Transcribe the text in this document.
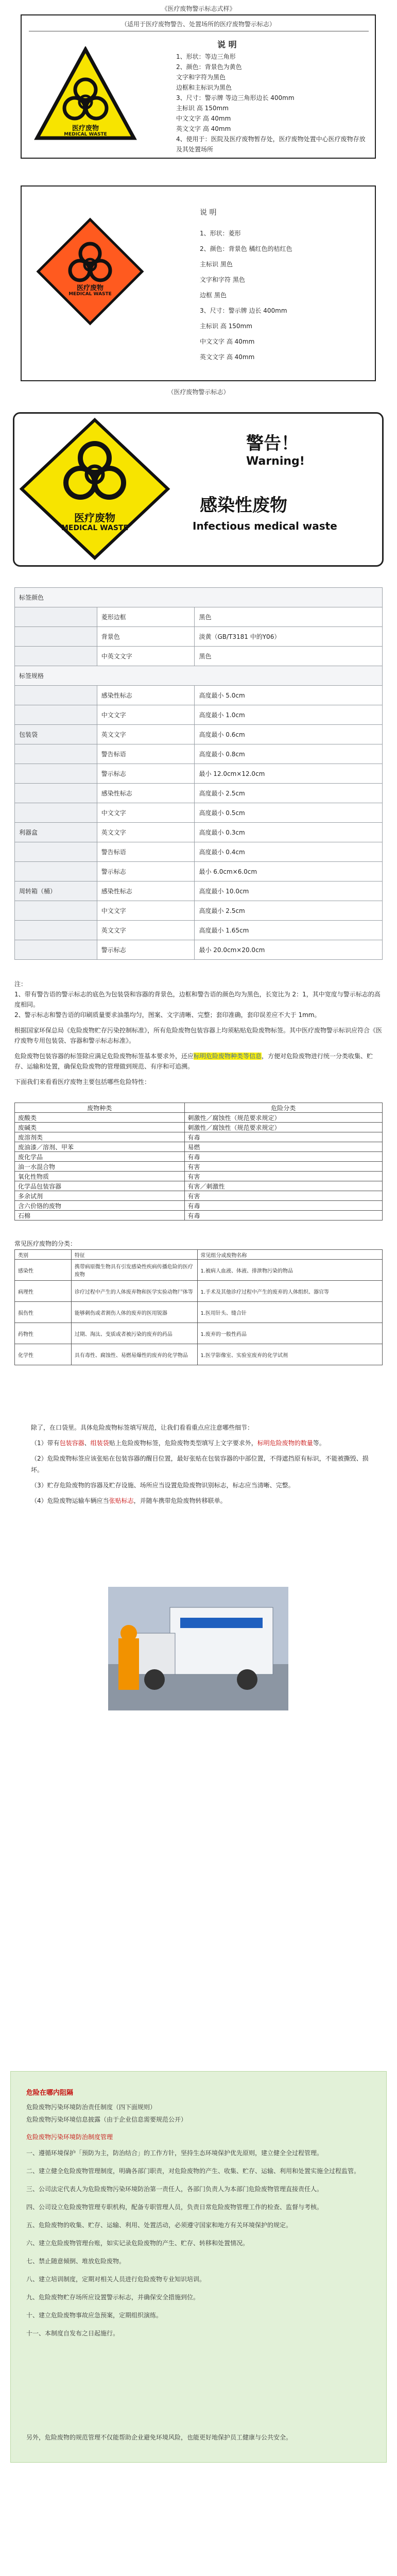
《医疗废物警示标志式样》
（适用于医疗废物警告、处置场所的医疗废物警示标志）
医疗废物
MEDICAL WASTE
说 明
1、形状：等边三角形
2、颜色：背景色为黄色
文字和字符为黑色
边框和主标识为黑色
3、尺寸：警示牌 等边三角形边长 400mm
主标识 高 150mm
中文文字 高 40mm
英文文字 高 40mm
4、使用于：医院及医疗废物暂存处，医疗废物处置中心医疗废物存放及其处置场所
医疗废物
MEDICAL WASTE
说 明
1、形状：菱形
2、颜色：背景色 橘红色的桔红色
主标识 黑色
文字和字符 黑色
边框 黑色
3、尺寸：警示牌 边长 400mm
主标识 高 150mm
中文文字 高 40mm
英文文字 高 40mm
（医疗废物警示标志）
医疗废物
MEDICAL WASTE
警告！
Warning!
感染性废物
Infectious medical waste
标签颜色		
	菱形边框	黑色
	背景色	淡黄（GB/T3181 中的Y06）
	中英文文字	黑色
标签规格		
	感染性标志	高度最小 5.0cm
	中文文字	高度最小 1.0cm
包装袋	英文文字	高度最小 0.6cm
	警告标语	高度最小 0.8cm
	警示标志	最小 12.0cm×12.0cm
	感染性标志	高度最小 2.5cm
	中文文字	高度最小 0.5cm
利器盒	英文文字	高度最小 0.3cm
	警告标语	高度最小 0.4cm
	警示标志	最小 6.0cm×6.0cm
周转箱（桶）	感染性标志	高度最小 10.0cm
	中文文字	高度最小 2.5cm
	英文文字	高度最小 1.65cm
	警示标志	最小 20.0cm×20.0cm
注：
1、带有警告语的警示标志的底色为包装袋和容器的背景色，边框和警告语的颜色均为黑色，长宽比为 2：1，其中宽度与警示标志的高度相同。
2、警示标志和警告语的印刷质量要求油墨均匀，图案、文字清晰、完整；套印准确，套印误差应不大于 1mm。
根据国家环保总局《危险废物贮存污染控制标准》，所有危险废物包装容器上均须粘贴危险废物标签。其中医疗废物警示标识应符合《医疗废物专用包装袋、容器和警示标志标准》。
危险废物包装容器的标签除应满足危险废物标签基本要求外，还应标明危险废物种类等信息，方便对危险废物进行统一分类收集、贮存、运输和处置，确保危险废物的管理做到规范、有序和可追溯。
下面我们来看看医疗废物主要包括哪些危险特性：
废物种类	危险分类
废酸类	刺激性／腐蚀性（规范要求规定）
废碱类	刺激性／腐蚀性（规范要求规定）
废溶剂类	有毒
废油漆／溶剂、甲苯	易燃
废化学品	有毒
油一水混合物	有害
氧化性物质	有害
化学品包装容器	有害／刺激性
多余试剂	有害
含六价铬的废物	有毒
石棉	有毒
常见医疗废物的分类：
类别	特征	常见组分或废物名称
感染性	携带病原微生物具有引发感染性疾病传播危险的医疗废物	1.被病人血液、体液、排泄物污染的物品
病理性	诊疗过程中产生的人体废弃物和医学实验动物尸体等	1.手术及其他诊疗过程中产生的废弃的人体组织、器官等
损伤性	能够刺伤或者割伤人体的废弃的医用锐器	1.医用针头、缝合针
药物性	过期、淘汰、变质或者被污染的废弃的药品	1.废弃的一般性药品
化学性	具有毒性、腐蚀性、易燃易爆性的废弃的化学物品	1.医学影像室、实验室废弃的化学试剂
除了，在口袋里。具体危险废物标签填写规范，让我们看看重点应注意哪些细节：
（1）带有包装容器、组装袋贴上危险废物标签，危险废物类型填写上文字要求外，标明危险废物的数量等。
（2）危险废物标签应该张贴在包装容器的醒目位置，最好张贴在包装容器的中部位置，不得遮挡原有标识，不能被撕毁、损坏。
（3）贮存危险废物的容器及贮存设施、场所应当设置危险废物识别标志，标志应当清晰、完整。
（4）危险废物运输车辆应当张贴标志，并随车携带危险废物转移联单。
危险在哪内阻隔
危险废物污染环境防治责任制度（四下面规则）
危险废物污染环境信息披露（由于企业信息需要规范公开）
危险废物污染环境防治制度管理
一、遵循环境保护「预防为主，防治结合」的工作方针，坚持生态环境保护优先原则，建立健全全过程管理。
二、建立健全危险废物管理制度，明确各部门职责，对危险废物的产生、收集、贮存、运输、利用和处置实施全过程监管。
三、公司法定代表人为危险废物污染环境防治第一责任人，各部门负责人为本部门危险废物管理直接责任人。
四、公司设立危险废物管理专职机构，配备专职管理人员，负责日常危险废物管理工作的检查、监督与考核。
五、危险废物的收集、贮存、运输、利用、处置活动，必须遵守国家和地方有关环境保护的规定。
六、建立危险废物管理台账，如实记录危险废物的产生、贮存、转移和处置情况。
七、禁止随意倾倒、堆放危险废物。
八、建立培训制度，定期对相关人员进行危险废物专业知识培训。
九、危险废物贮存场所应设置警示标志，并确保安全措施到位。
十、建立危险废物事故应急预案，定期组织演练。
十一、本制度自发布之日起施行。
另外，危险废物的规范管理不仅能帮助企业避免环境风险，也能更好地保护员工健康与公共安全。
